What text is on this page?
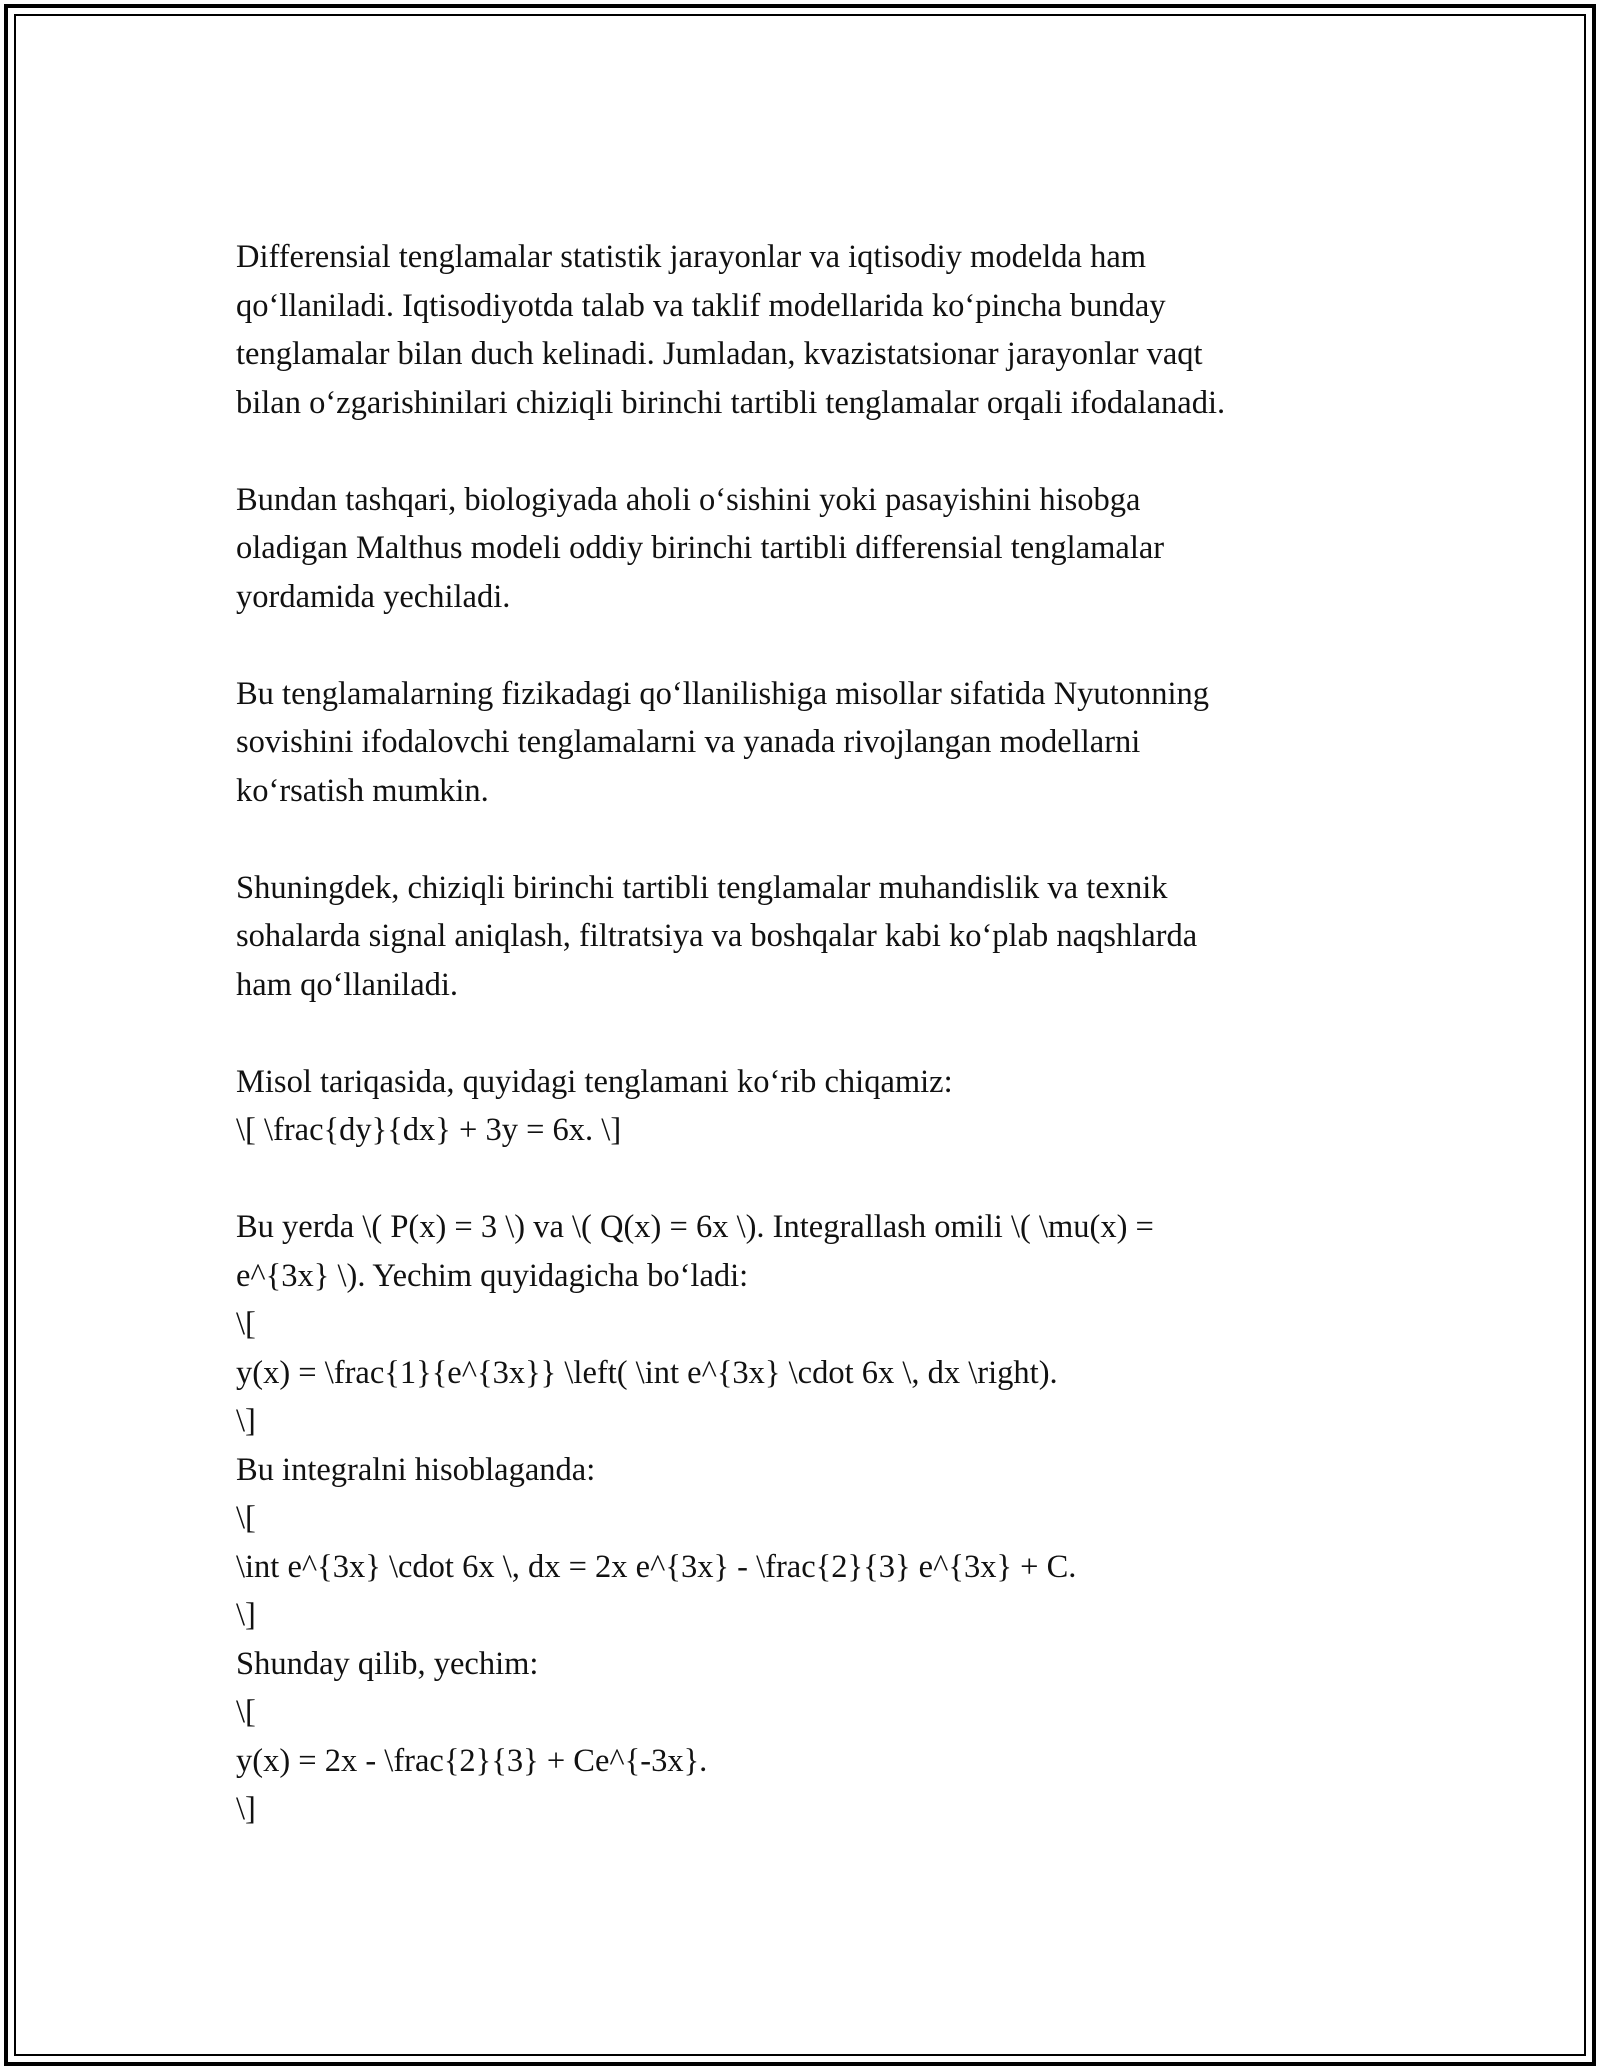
Differensial tenglamalar statistik jarayonlar va iqtisodiy modelda ham
qo‘llaniladi. Iqtisodiyotda talab va taklif modellarida ko‘pincha bunday
tenglamalar bilan duch kelinadi. Jumladan, kvazistatsionar jarayonlar vaqt
bilan o‘zgarishinilari chiziqli birinchi tartibli tenglamalar orqali ifodalanadi.

Bundan tashqari, biologiyada aholi o‘sishini yoki pasayishini hisobga
oladigan Malthus modeli oddiy birinchi tartibli differensial tenglamalar
yordamida yechiladi.

Bu tenglamalarning fizikadagi qo‘llanilishiga misollar sifatida Nyutonning
sovishini ifodalovchi tenglamalarni va yanada rivojlangan modellarni
ko‘rsatish mumkin.

Shuningdek, chiziqli birinchi tartibli tenglamalar muhandislik va texnik
sohalarda signal aniqlash, filtratsiya va boshqalar kabi ko‘plab naqshlarda
ham qo‘llaniladi.

Misol tariqasida, quyidagi tenglamani ko‘rib chiqamiz:
\[ \frac{dy}{dx} + 3y = 6x. \]

Bu yerda \( P(x) = 3 \) va \( Q(x) = 6x \). Integrallash omili \( \mu(x) =
e^{3x} \). Yechim quyidagicha bo‘ladi:
\[
y(x) = \frac{1}{e^{3x}} \left( \int e^{3x} \cdot 6x \, dx \right).
\]
Bu integralni hisoblaganda:
\[
\int e^{3x} \cdot 6x \, dx = 2x e^{3x} - \frac{2}{3} e^{3x} + C.
\]
Shunday qilib, yechim:
\[
y(x) = 2x - \frac{2}{3} + Ce^{-3x}.
\]
